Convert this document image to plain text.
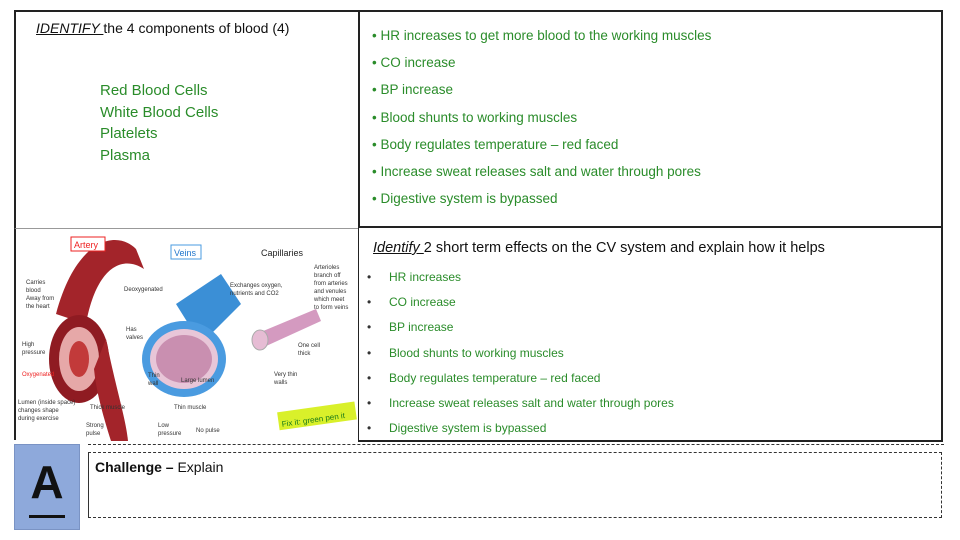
IDENTIFY the 4 components of blood (4)
Red Blood Cells
White Blood Cells
Platelets
Plasma
• HR increases to get more blood to the working muscles
• CO increase
• BP increase
• Blood shunts to working muscles
• Body regulates temperature – red faced
• Increase sweat releases salt and water through pores
• Digestive system is bypassed
Artery
Veins	Capillaries
Carries blood Away from the heart
High pressure
Oxygenated
Lumen (inside space) changes shape during exercise
Deoxygenated
Has valves
Thin wall	Large lumen
Thick muscle	Thin muscle
Strong pulse
Low pressure No pulse
Exchanges oxygen, nutrients and CO2
Arterioles branch off from arteries and venules which meet to form veins
One cell thick
Very thin walls
Fix it: green pen it
Identify 2 short term effects on the CV system and explain how it helps
•	HR increases
•	CO increase
•	BP increase
•	Blood shunts to working muscles
•	Body regulates temperature – red faced
•	Increase sweat releases salt and water through pores
•	Digestive system is bypassed
A	Challenge – Explain
